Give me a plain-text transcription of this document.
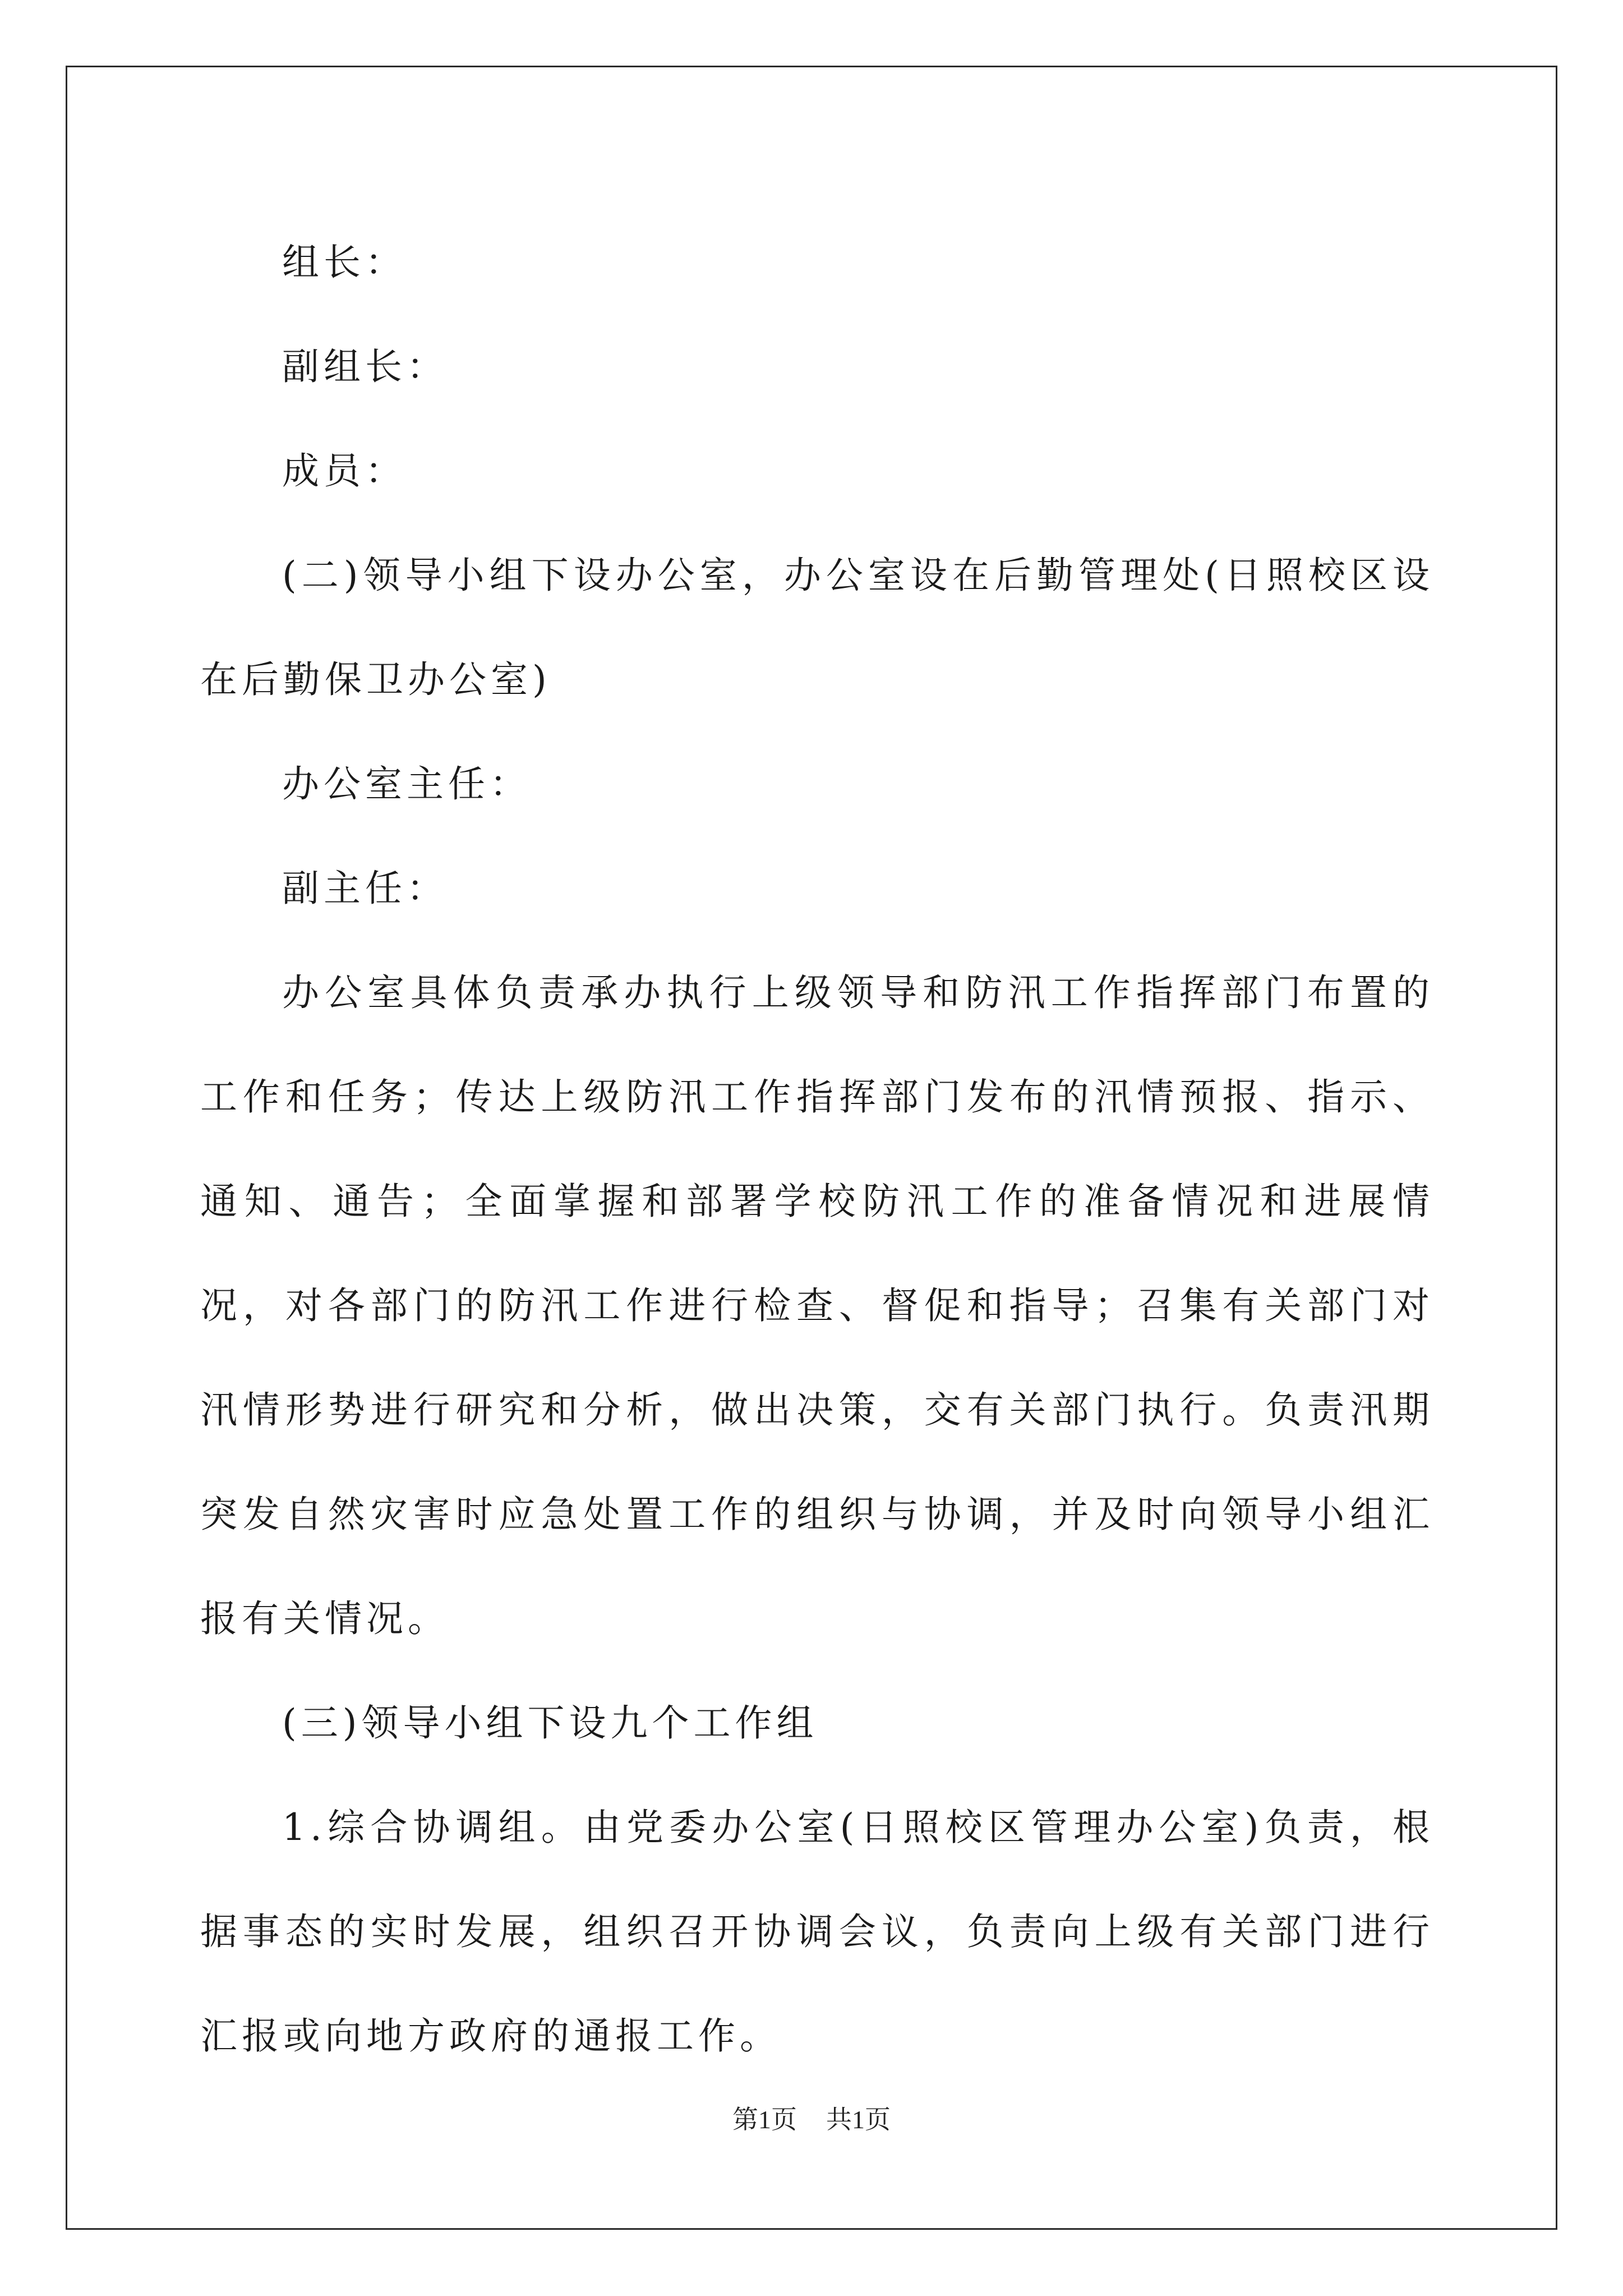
组长：

副组长：

成员：

(二)领导小组下设办公室，办公室设在后勤管理处(日照校区设在后勤保卫办公室)

办公室主任：

副主任：

办公室具体负责承办执行上级领导和防汛工作指挥部门布置的工作和任务；传达上级防汛工作指挥部门发布的汛情预报、指示、通知、通告；全面掌握和部署学校防汛工作的准备情况和进展情况，对各部门的防汛工作进行检查、督促和指导；召集有关部门对汛情形势进行研究和分析，做出决策，交有关部门执行。负责汛期突发自然灾害时应急处置工作的组织与协调，并及时向领导小组汇报有关情况。

(三)领导小组下设九个工作组

1.综合协调组。由党委办公室(日照校区管理办公室)负责，根据事态的实时发展，组织召开协调会议，负责向上级有关部门进行汇报或向地方政府的通报工作。

第1页 共1页
